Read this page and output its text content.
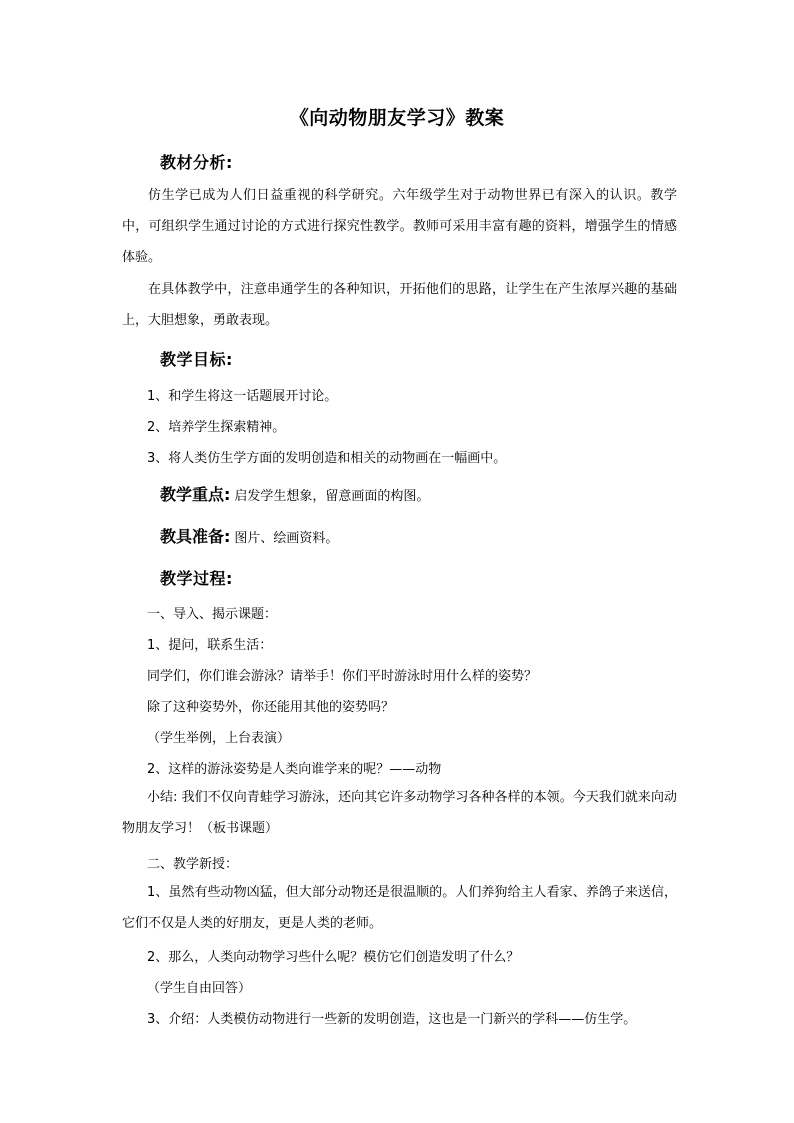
《向动物朋友学习》教案
教材分析:
仿生学已成为人们日益重视的科学研究。六年级学生对于动物世界已有深入的认识。教学中，可组织学生通过讨论的方式进行探究性教学。教师可采用丰富有趣的资料，增强学生的情感体验。
在具体教学中，注意串通学生的各种知识，开拓他们的思路，让学生在产生浓厚兴趣的基础上，大胆想象，勇敢表现。
教学目标:
1、和学生将这一话题展开讨论。
2、培养学生探索精神。
3、将人类仿生学方面的发明创造和相关的动物画在一幅画中。
教学重点: 启发学生想象，留意画面的构图。
教具准备: 图片、绘画资料。
教学过程:
一、导入、揭示课题：
1、提问，联系生活：
同学们，你们谁会游泳？请举手！你们平时游泳时用什么样的姿势？
除了这种姿势外，你还能用其他的姿势吗？
（学生举例，上台表演）
2、这样的游泳姿势是人类向谁学来的呢？——动物
小结: 我们不仅向青蛙学习游泳，还向其它许多动物学习各种各样的本领。今天我们就来向动物朋友学习！（板书课题）
二、教学新授：
1、虽然有些动物凶猛，但大部分动物还是很温顺的。人们养狗给主人看家、养鸽子来送信，它们不仅是人类的好朋友，更是人类的老师。
2、那么，人类向动物学习些什么呢？模仿它们创造发明了什么？
（学生自由回答）
3、介绍：人类模仿动物进行一些新的发明创造，这也是一门新兴的学科——仿生学。
